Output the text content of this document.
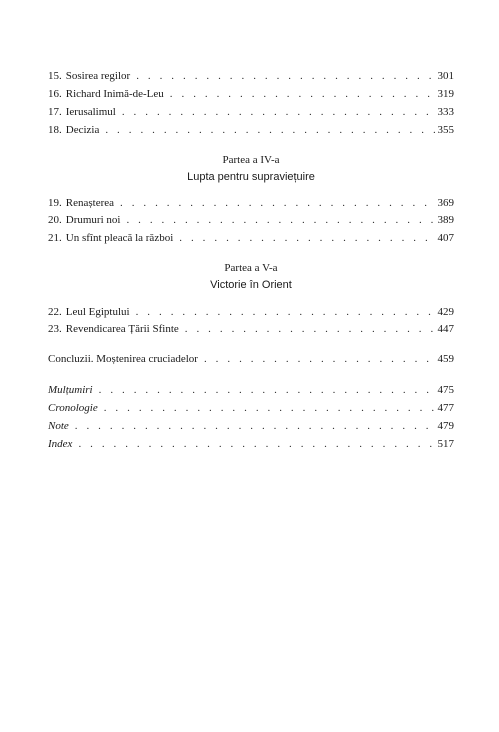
15. Sosirea regilor . . .	301
16. Richard Inimă-de-Leu . . .	319
17. Ierusalimul . . .	333
18. Decizia . . .	355
Partea a IV-a
Lupta pentru supraviețuire
19. Renașterea . . .	369
20. Drumuri noi . . .	389
21. Un sfînt pleacă la război . . .	407
Partea a V-a
Victorie în Orient
22. Leul Egiptului . . .	429
23. Revendicarea Țării Sfinte . . .	447
Concluzii. Moștenirea cruciadelor . . .	459
Mulțumiri . . .	475
Cronologie . . .	477
Note . . .	479
Index . . .	517
